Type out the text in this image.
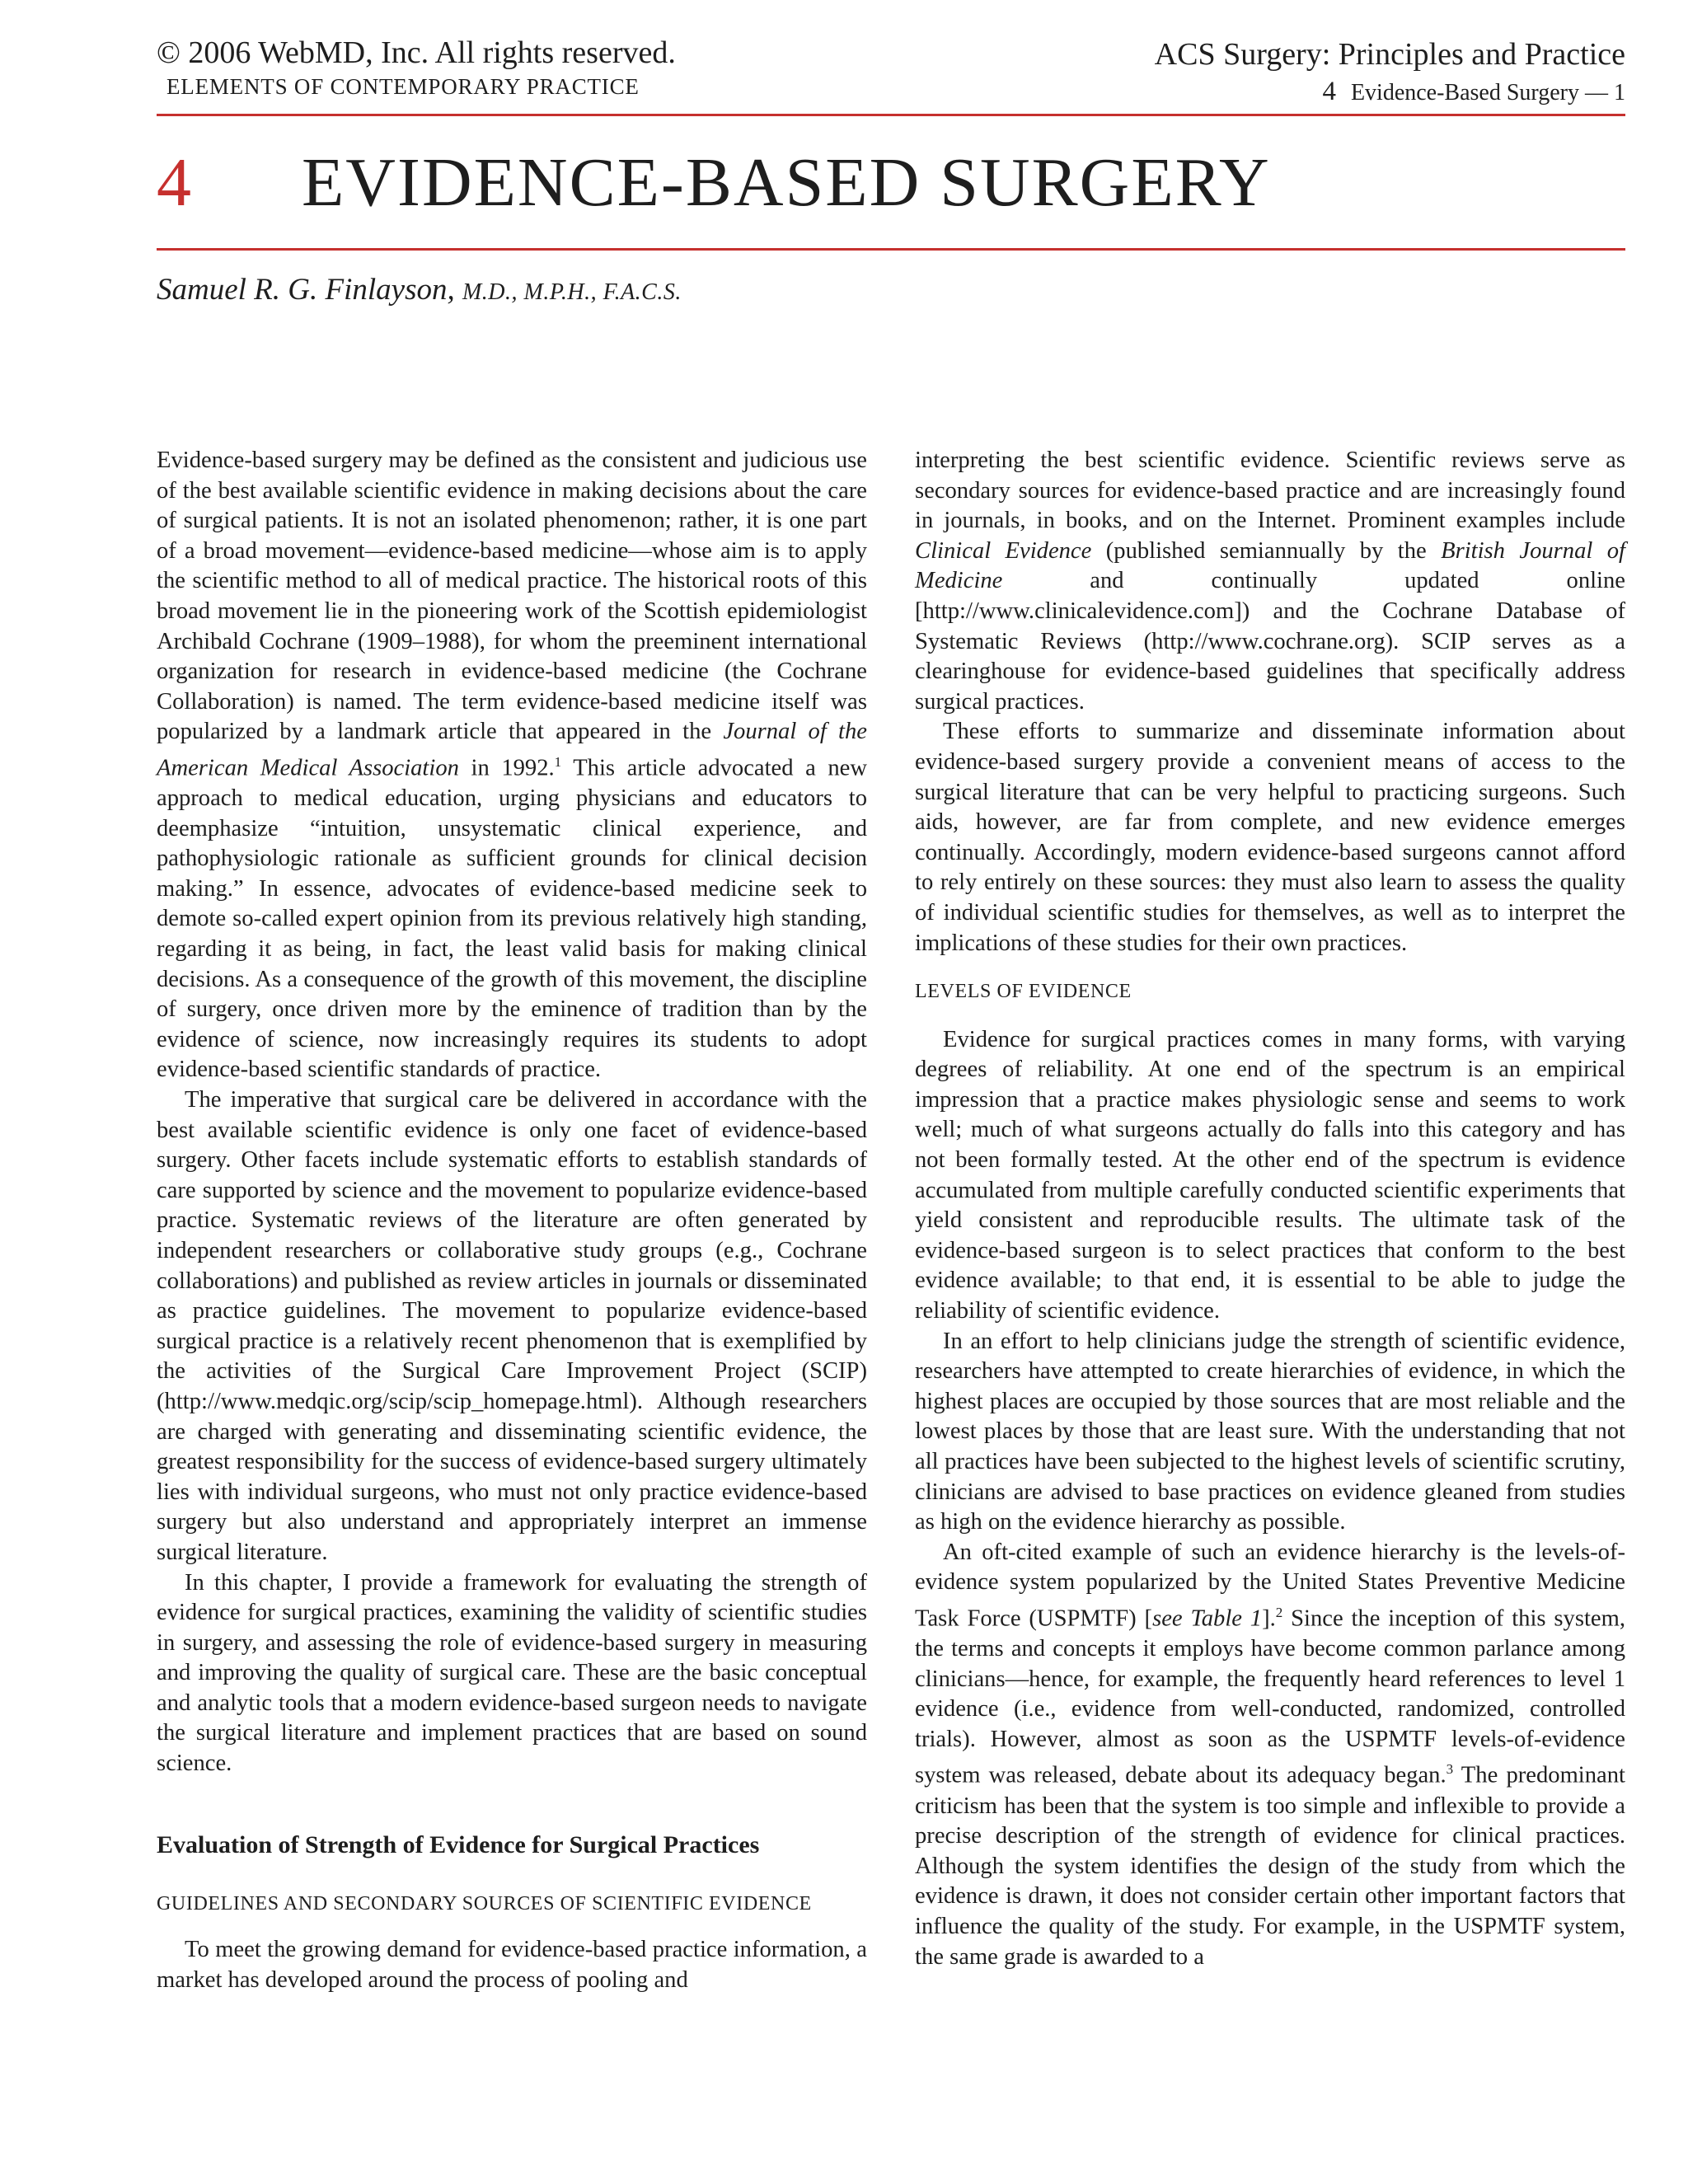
© 2006 WebMD, Inc. All rights reserved.
ELEMENTS OF CONTEMPORARY PRACTICE
ACS Surgery: Principles and Practice
4 Evidence-Based Surgery — 1
4 EVIDENCE-BASED SURGERY
Samuel R. G. Finlayson, M.D., M.P.H., F.A.C.S.

Evidence-based surgery may be defined as the consistent and judicious use of the best available scientific evidence in making decisions about the care of surgical patients. It is not an isolated phenomenon; rather, it is one part of a broad movement—evidence-based medicine—whose aim is to apply the scientific method to all of medical practice. The historical roots of this broad movement lie in the pioneering work of the Scottish epidemiologist Archibald Cochrane (1909–1988), for whom the preeminent international organization for research in evidence-based medicine (the Cochrane Collaboration) is named. The term evidence-based medicine itself was popularized by a landmark article that appeared in the Journal of the American Medical Association in 1992.$^1$ This article advocated a new approach to medical education, urging physicians and educators to deemphasize “intuition, unsystematic clinical experience, and pathophysiologic rationale as sufficient grounds for clinical decision making.” In essence, advocates of evidence-based medicine seek to demote so-called expert opinion from its previous relatively high standing, regarding it as being, in fact, the least valid basis for making clinical decisions. As a consequence of the growth of this movement, the discipline of surgery, once driven more by the eminence of tradition than by the evidence of science, now increasingly requires its students to adopt evidence-based scientific standards of practice.

The imperative that surgical care be delivered in accordance with the best available scientific evidence is only one facet of evidence-based surgery. Other facets include systematic efforts to establish standards of care supported by science and the movement to popularize evidence-based practice. Systematic reviews of the literature are often generated by independent researchers or collaborative study groups (e.g., Cochrane collaborations) and published as review articles in journals or disseminated as practice guidelines. The movement to popularize evidence-based surgical practice is a relatively recent phenomenon that is exemplified by the activities of the Surgical Care Improvement Project (SCIP) (http://www.medqic.org/scip/scip_homepage.html). Although researchers are charged with generating and disseminating scientific evidence, the greatest responsibility for the success of evidence-based surgery ultimately lies with individual surgeons, who must not only practice evidence-based surgery but also understand and appropriately interpret an immense surgical literature.

In this chapter, I provide a framework for evaluating the strength of evidence for surgical practices, examining the validity of scientific studies in surgery, and assessing the role of evidence-based surgery in measuring and improving the quality of surgical care. These are the basic conceptual and analytic tools that a modern evidence-based surgeon needs to navigate the surgical literature and implement practices that are based on sound science.

Evaluation of Strength of Evidence for Surgical Practices
GUIDELINES AND SECONDARY SOURCES OF SCIENTIFIC EVIDENCE

To meet the growing demand for evidence-based practice information, a market has developed around the process of pooling and

interpreting the best scientific evidence. Scientific reviews serve as secondary sources for evidence-based practice and are increasingly found in journals, in books, and on the Internet. Prominent examples include Clinical Evidence (published semiannually by the British Journal of Medicine and continually updated online [http://www.clinicalevidence.com]) and the Cochrane Database of Systematic Reviews (http://www.cochrane.org). SCIP serves as a clearinghouse for evidence-based guidelines that specifically address surgical practices.

These efforts to summarize and disseminate information about evidence-based surgery provide a convenient means of access to the surgical literature that can be very helpful to practicing surgeons. Such aids, however, are far from complete, and new evidence emerges continually. Accordingly, modern evidence-based surgeons cannot afford to rely entirely on these sources: they must also learn to assess the quality of individual scientific studies for themselves, as well as to interpret the implications of these studies for their own practices.

LEVELS OF EVIDENCE

Evidence for surgical practices comes in many forms, with varying degrees of reliability. At one end of the spectrum is an empirical impression that a practice makes physiologic sense and seems to work well; much of what surgeons actually do falls into this category and has not been formally tested. At the other end of the spectrum is evidence accumulated from multiple carefully conducted scientific experiments that yield consistent and reproducible results. The ultimate task of the evidence-based surgeon is to select practices that conform to the best evidence available; to that end, it is essential to be able to judge the reliability of scientific evidence.

In an effort to help clinicians judge the strength of scientific evidence, researchers have attempted to create hierarchies of evidence, in which the highest places are occupied by those sources that are most reliable and the lowest places by those that are least sure. With the understanding that not all practices have been subjected to the highest levels of scientific scrutiny, clinicians are advised to base practices on evidence gleaned from studies as high on the evidence hierarchy as possible.

An oft-cited example of such an evidence hierarchy is the levels-of-evidence system popularized by the United States Preventive Medicine Task Force (USPMTF) [see Table 1].$^2$ Since the inception of this system, the terms and concepts it employs have become common parlance among clinicians—hence, for example, the frequently heard references to level 1 evidence (i.e., evidence from well-conducted, randomized, controlled trials). However, almost as soon as the USPMTF levels-of-evidence system was released, debate about its adequacy began.$^3$ The predominant criticism has been that the system is too simple and inflexible to provide a precise description of the strength of evidence for clinical practices. Although the system identifies the design of the study from which the evidence is drawn, it does not consider certain other important factors that influence the quality of the study. For example, in the USPMTF system, the same grade is awarded to a
